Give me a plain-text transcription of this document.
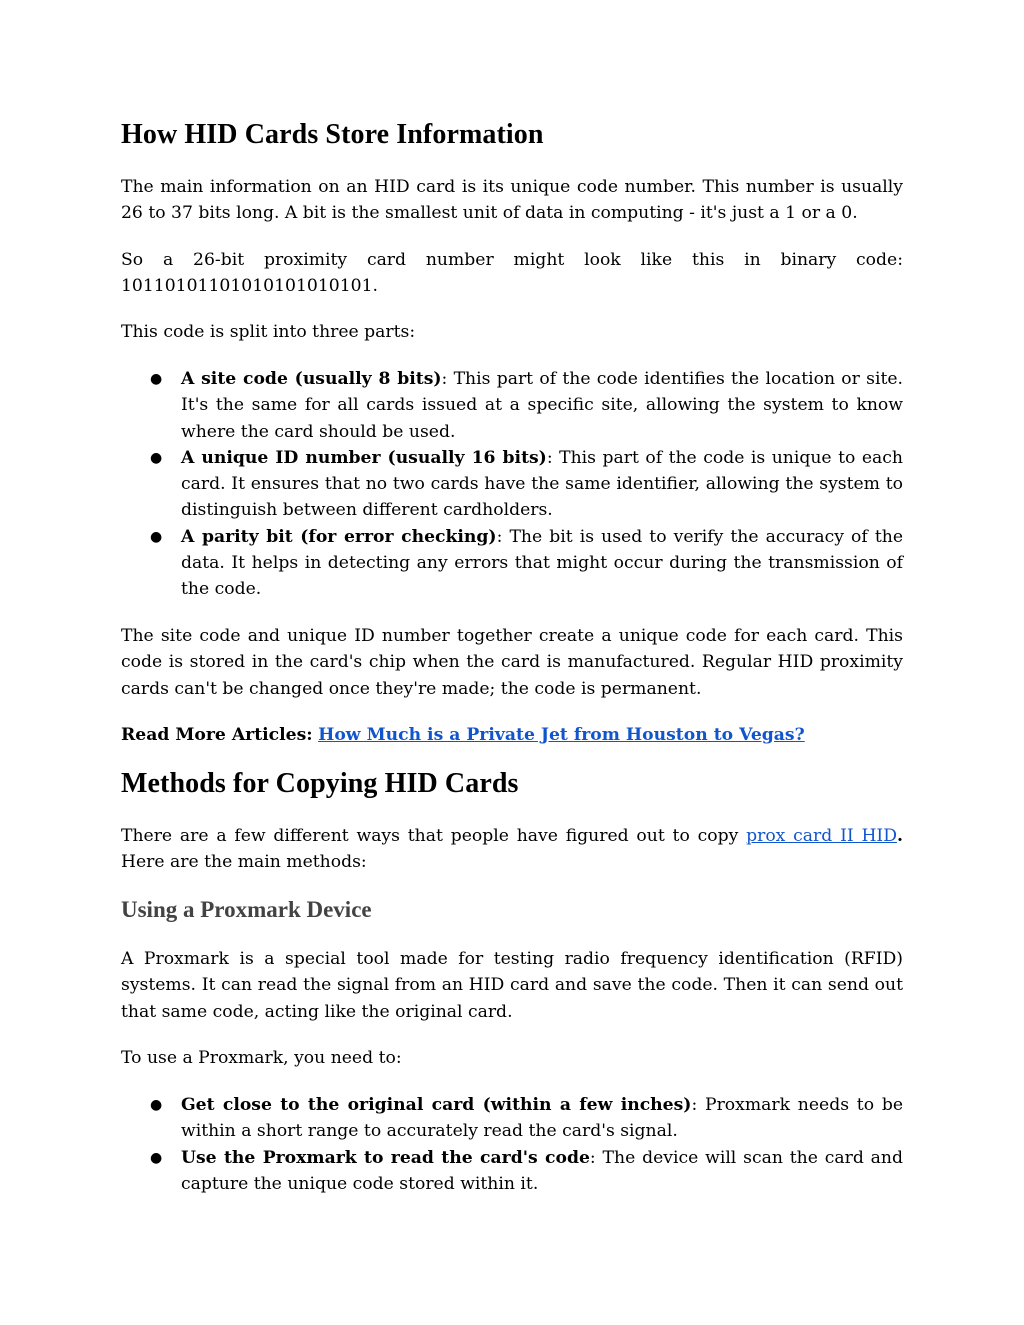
How HID Cards Store Information

The main information on an HID card is its unique code number. This number is usually 26 to 37 bits long. A bit is the smallest unit of data in computing - it's just a 1 or a 0.

So a 26-bit proximity card number might look like this in binary code:

10110101101010101010101.

This code is split into three parts:

● A site code (usually 8 bits): This part of the code identifies the location or site. It's the same for all cards issued at a specific site, allowing the system to know where the card should be used.
● A unique ID number (usually 16 bits): This part of the code is unique to each card. It ensures that no two cards have the same identifier, allowing the system to distinguish between different cardholders.
● A parity bit (for error checking): The bit is used to verify the accuracy of the data. It helps in detecting any errors that might occur during the transmission of the code.

The site code and unique ID number together create a unique code for each card. This code is stored in the card's chip when the card is manufactured. Regular HID proximity cards can't be changed once they're made; the code is permanent.

Read More Articles: How Much is a Private Jet from Houston to Vegas?

Methods for Copying HID Cards

There are a few different ways that people have figured out to copy prox card II HID.

Here are the main methods:

Using a Proxmark Device

A Proxmark is a special tool made for testing radio frequency identification (RFID) systems. It can read the signal from an HID card and save the code. Then it can send out that same code, acting like the original card.

To use a Proxmark, you need to:

● Get close to the original card (within a few inches): Proxmark needs to be within a short range to accurately read the card's signal.
● Use the Proxmark to read the card's code: The device will scan the card and capture the unique code stored within it.
